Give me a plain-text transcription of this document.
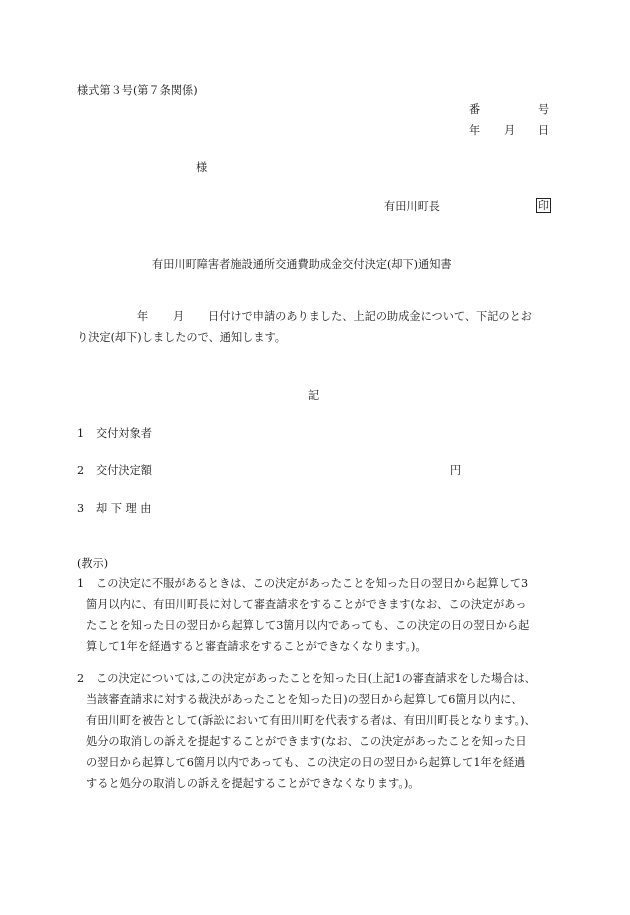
様式第３号(第７条関係)
番	号
年 月 日
様
有田川町長	印
有田川町障害者施設通所交通費助成金交付決定(却下)通知書
年 月 日付けで申請のありました、上記の助成金について、下記のとお
り決定(却下)しましたので、通知します。
記
1 交付対象者
2 交付決定額	円
3 却 下 理 由
(教示)
1 この決定に不服があるときは、この決定があったことを知った日の翌日から起算して3
箇月以内に、有田川町長に対して審査請求をすることができます(なお、この決定があっ
たことを知った日の翌日から起算して3箇月以内であっても、この決定の日の翌日から起
算して1年を経過すると審査請求をすることができなくなります。)。
2 この決定については,この決定があったことを知った日(上記1の審査請求をした場合は、
当該審査請求に対する裁決があったことを知った日)の翌日から起算して6箇月以内に、
有田川町を被告として(訴訟において有田川町を代表する者は、有田川町長となります。)、
処分の取消しの訴えを提起することができます(なお、この決定があったことを知った日
の翌日から起算して6箇月以内であっても、この決定の日の翌日から起算して1年を経過
すると処分の取消しの訴えを提起することができなくなります。)。
